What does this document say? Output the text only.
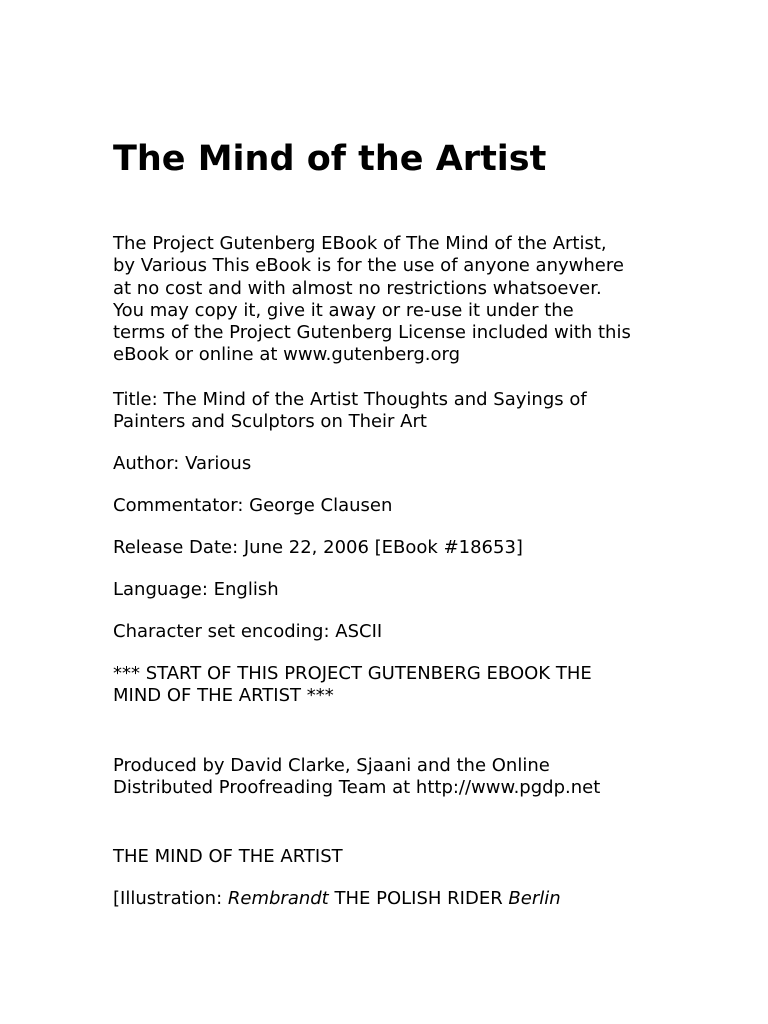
The Mind of the Artist

The Project Gutenberg EBook of The Mind of the Artist,
by Various This eBook is for the use of anyone anywhere
at no cost and with almost no restrictions whatsoever.
You may copy it, give it away or re-use it under the
terms of the Project Gutenberg License included with this
eBook or online at www.gutenberg.org

Title: The Mind of the Artist Thoughts and Sayings of
Painters and Sculptors on Their Art

Author: Various

Commentator: George Clausen

Release Date: June 22, 2006 [EBook #18653]

Language: English

Character set encoding: ASCII

*** START OF THIS PROJECT GUTENBERG EBOOK THE
MIND OF THE ARTIST ***

Produced by David Clarke, Sjaani and the Online
Distributed Proofreading Team at http://www.pgdp.net

THE MIND OF THE ARTIST

[Illustration: Rembrandt THE POLISH RIDER Berlin
